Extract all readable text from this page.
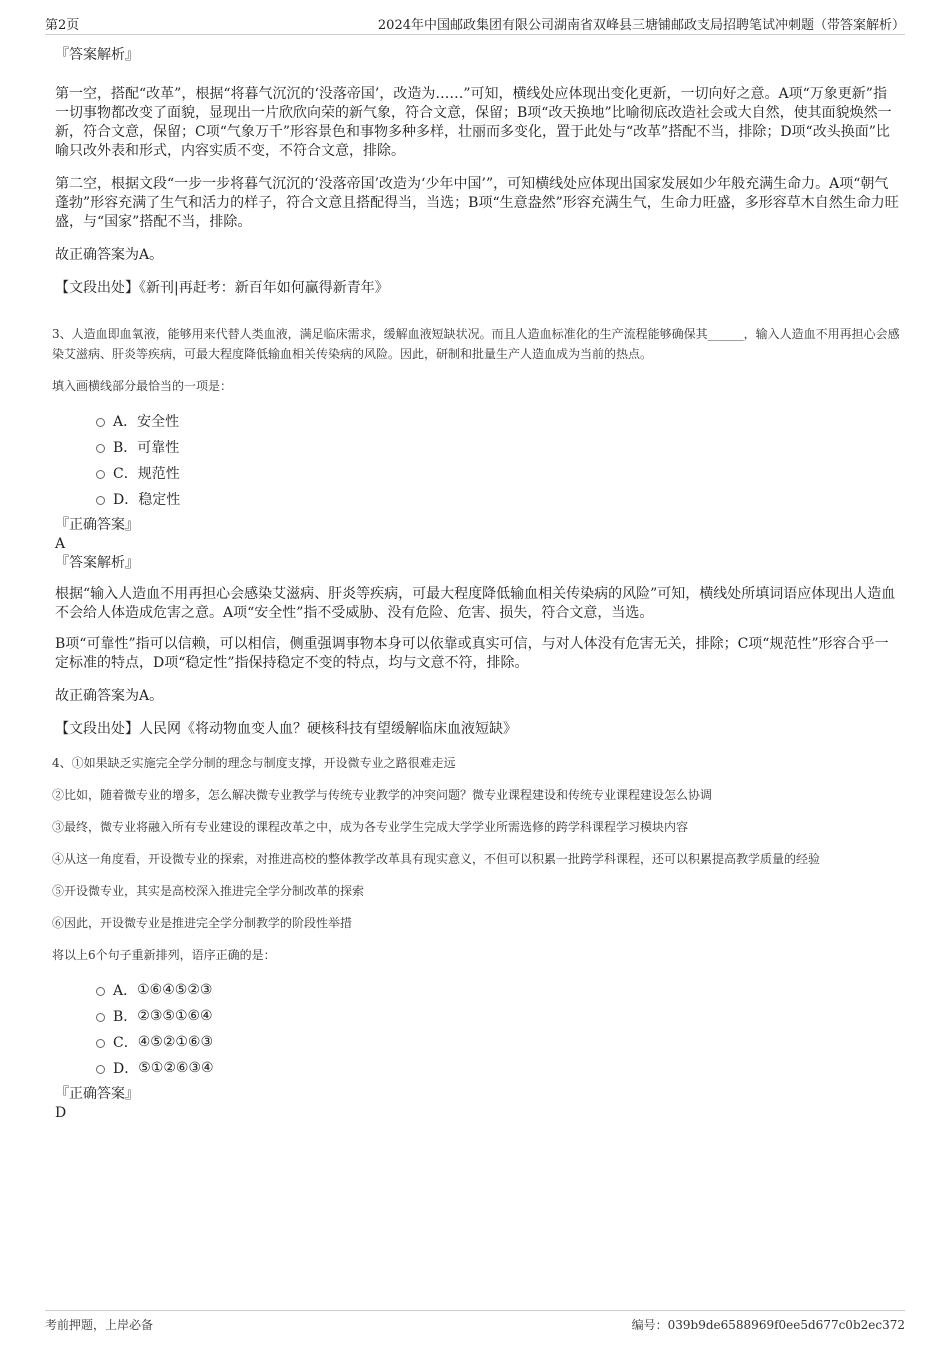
第2页	2024年中国邮政集团有限公司湖南省双峰县三塘铺邮政支局招聘笔试冲刺题（带答案解析）

『答案解析』

第一空，搭配“改革”，根据“将暮气沉沉的‘没落帝国’，改造为……”可知，横线处应体现出变化更新，一切向好之意。A项“万象更新”指一切事物都改变了面貌，显现出一片欣欣向荣的新气象，符合文意，保留；B项“改天换地”比喻彻底改造社会或大自然，使其面貌焕然一新，符合文意，保留；C项“气象万千”形容景色和事物多种多样，壮丽而多变化，置于此处与“改革”搭配不当，排除；D项“改头换面”比喻只改外表和形式，内容实质不变，不符合文意，排除。

第二空，根据文段“一步一步将暮气沉沉的‘没落帝国’改造为‘少年中国’”，可知横线处应体现出国家发展如少年般充满生命力。A项“朝气蓬勃”形容充满了生气和活力的样子，符合文意且搭配得当，当选；B项“生意盎然”形容充满生气，生命力旺盛，多形容草木自然生命力旺盛，与“国家”搭配不当，排除。

故正确答案为A。

【文段出处】《新刊|再赶考：新百年如何赢得新青年》

3、人造血即血氧液，能够用来代替人类血液，满足临床需求，缓解血液短缺状况。而且人造血标准化的生产流程能够确保其______，输入人造血不用再担心会感染艾滋病、肝炎等疾病，可最大程度降低输血相关传染病的风险。因此，研制和批量生产人造血成为当前的热点。

填入画横线部分最恰当的一项是：

A． 安全性
B． 可靠性
C． 规范性
D． 稳定性

『正确答案』

A

『答案解析』

根据“输入人造血不用再担心会感染艾滋病、肝炎等疾病，可最大程度降低输血相关传染病的风险”可知，横线处所填词语应体现出人造血不会给人体造成危害之意。A项“安全性”指不受威胁、没有危险、危害、损失，符合文意，当选。

B项“可靠性”指可以信赖，可以相信，侧重强调事物本身可以依靠或真实可信，与对人体没有危害无关，排除；C项“规范性”形容合乎一定标准的特点，D项“稳定性”指保持稳定不变的特点，均与文意不符，排除。

故正确答案为A。

【文段出处】人民网《将动物血变人血？硬核科技有望缓解临床血液短缺》

4、①如果缺乏实施完全学分制的理念与制度支撑，开设微专业之路很难走远

②比如，随着微专业的增多，怎么解决微专业教学与传统专业教学的冲突问题？微专业课程建设和传统专业课程建设怎么协调

③最终，微专业将融入所有专业建设的课程改革之中，成为各专业学生完成大学学业所需选修的跨学科课程学习模块内容

④从这一角度看，开设微专业的探索，对推进高校的整体教学改革具有现实意义，不但可以积累一批跨学科课程，还可以积累提高教学质量的经验

⑤开设微专业，其实是高校深入推进完全学分制改革的探索

⑥因此，开设微专业是推进完全学分制教学的阶段性举措

将以上6个句子重新排列，语序正确的是：

A． ①⑥④⑤②③
B． ②③⑤①⑥④
C． ④⑤②①⑥③
D． ⑤①②⑥③④

『正确答案』

D

考前押题，上岸必备	编号：039b9de6588969f0ee5d677c0b2ec372
